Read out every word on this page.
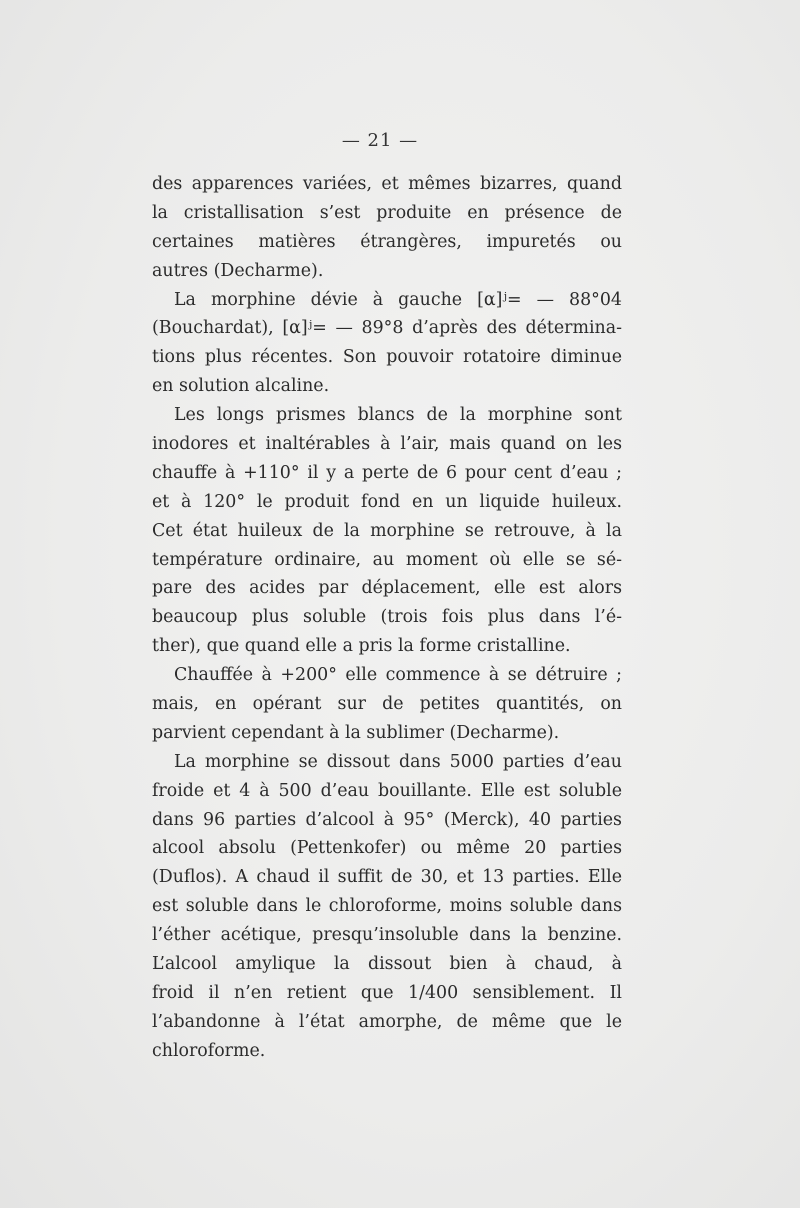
— 21 —
des apparences variées, et mêmes bizarres, quand
la cristallisation s’est produite en présence de
certaines matières étrangères, impuretés ou
autres (Decharme).
La morphine dévie à gauche [α]ʲ= — 88°04
(Bouchardat), [α]ʲ= — 89°8 d’après des détermina-
tions plus récentes. Son pouvoir rotatoire diminue
en solution alcaline.
Les longs prismes blancs de la morphine sont
inodores et inaltérables à l’air, mais quand on les
chauffe à +110° il y a perte de 6 pour cent d’eau ;
et à 120° le produit fond en un liquide huileux.
Cet état huileux de la morphine se retrouve, à la
température ordinaire, au moment où elle se sé-
pare des acides par déplacement, elle est alors
beaucoup plus soluble (trois fois plus dans l’é-
ther), que quand elle a pris la forme cristalline.
Chauffée à +200° elle commence à se détruire ;
mais, en opérant sur de petites quantités, on
parvient cependant à la sublimer (Decharme).
La morphine se dissout dans 5000 parties d’eau
froide et 4 à 500 d’eau bouillante. Elle est soluble
dans 96 parties d’alcool à 95° (Merck), 40 parties
alcool absolu (Pettenkofer) ou même 20 parties
(Duflos). A chaud il suffit de 30, et 13 parties. Elle
est soluble dans le chloroforme, moins soluble dans
l’éther acétique, presqu’insoluble dans la benzine.
L’alcool amylique la dissout bien à chaud, à
froid il n’en retient que 1/400 sensiblement. Il
l’abandonne à l’état amorphe, de même que le
chloroforme.
